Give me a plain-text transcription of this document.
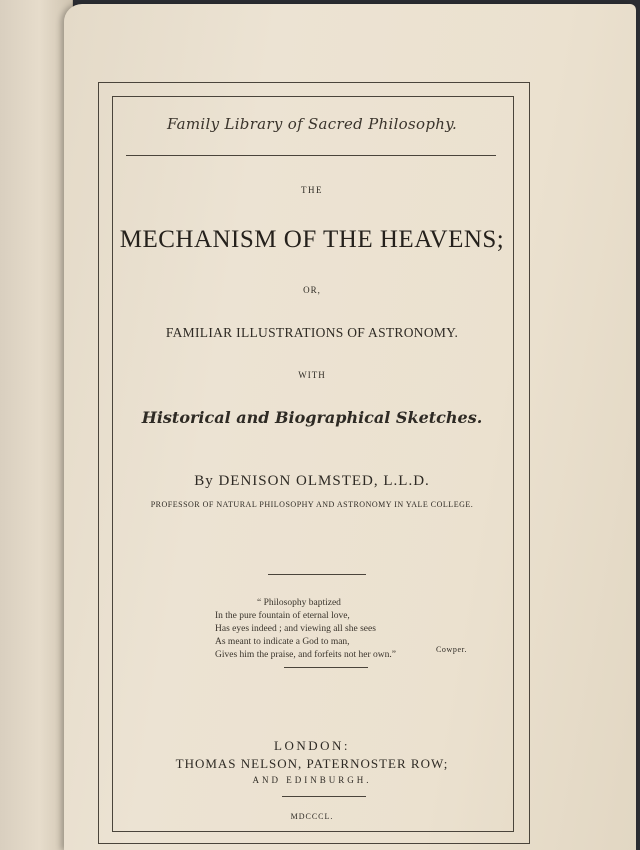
Family Library of Sacred Philosophy.
THE
MECHANISM OF THE HEAVENS;
OR,
FAMILIAR ILLUSTRATIONS OF ASTRONOMY.
WITH
Historical and Biographical Sketches.
By DENISON OLMSTED, L.L.D.
PROFESSOR OF NATURAL PHILOSOPHY AND ASTRONOMY IN YALE COLLEGE.
“ Philosophy baptized
In the pure fountain of eternal love,
Has eyes indeed ; and viewing all she sees
As meant to indicate a God to man,
Gives him the praise, and forfeits not her own.”
Cowper.
LONDON:
THOMAS NELSON, PATERNOSTER ROW;
AND EDINBURGH.
MDCCCL.
